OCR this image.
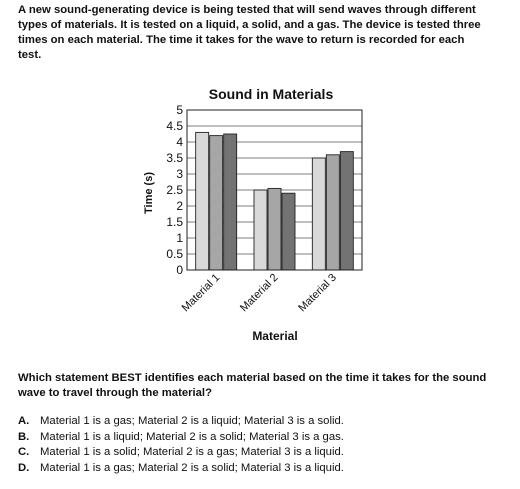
A new sound-generating device is being tested that will send waves through different types of materials. It is tested on a liquid, a solid, and a gas. The device is tested three times on each material. The time it takes for the wave to return is recorded for each test.
Sound in Materials
Time (s)
Material
0
0.5
1
1.5
2
2.5
3
3.5
4
4.5
5
Material 1 Material 2 Material 3
Which statement BEST identifies each material based on the time it takes for the sound wave to travel through the material?
A. Material 1 is a gas; Material 2 is a liquid; Material 3 is a solid.
B. Material 1 is a liquid; Material 2 is a solid; Material 3 is a gas.
C. Material 1 is a solid; Material 2 is a gas; Material 3 is a liquid.
D. Material 1 is a gas; Material 2 is a solid; Material 3 is a liquid.
